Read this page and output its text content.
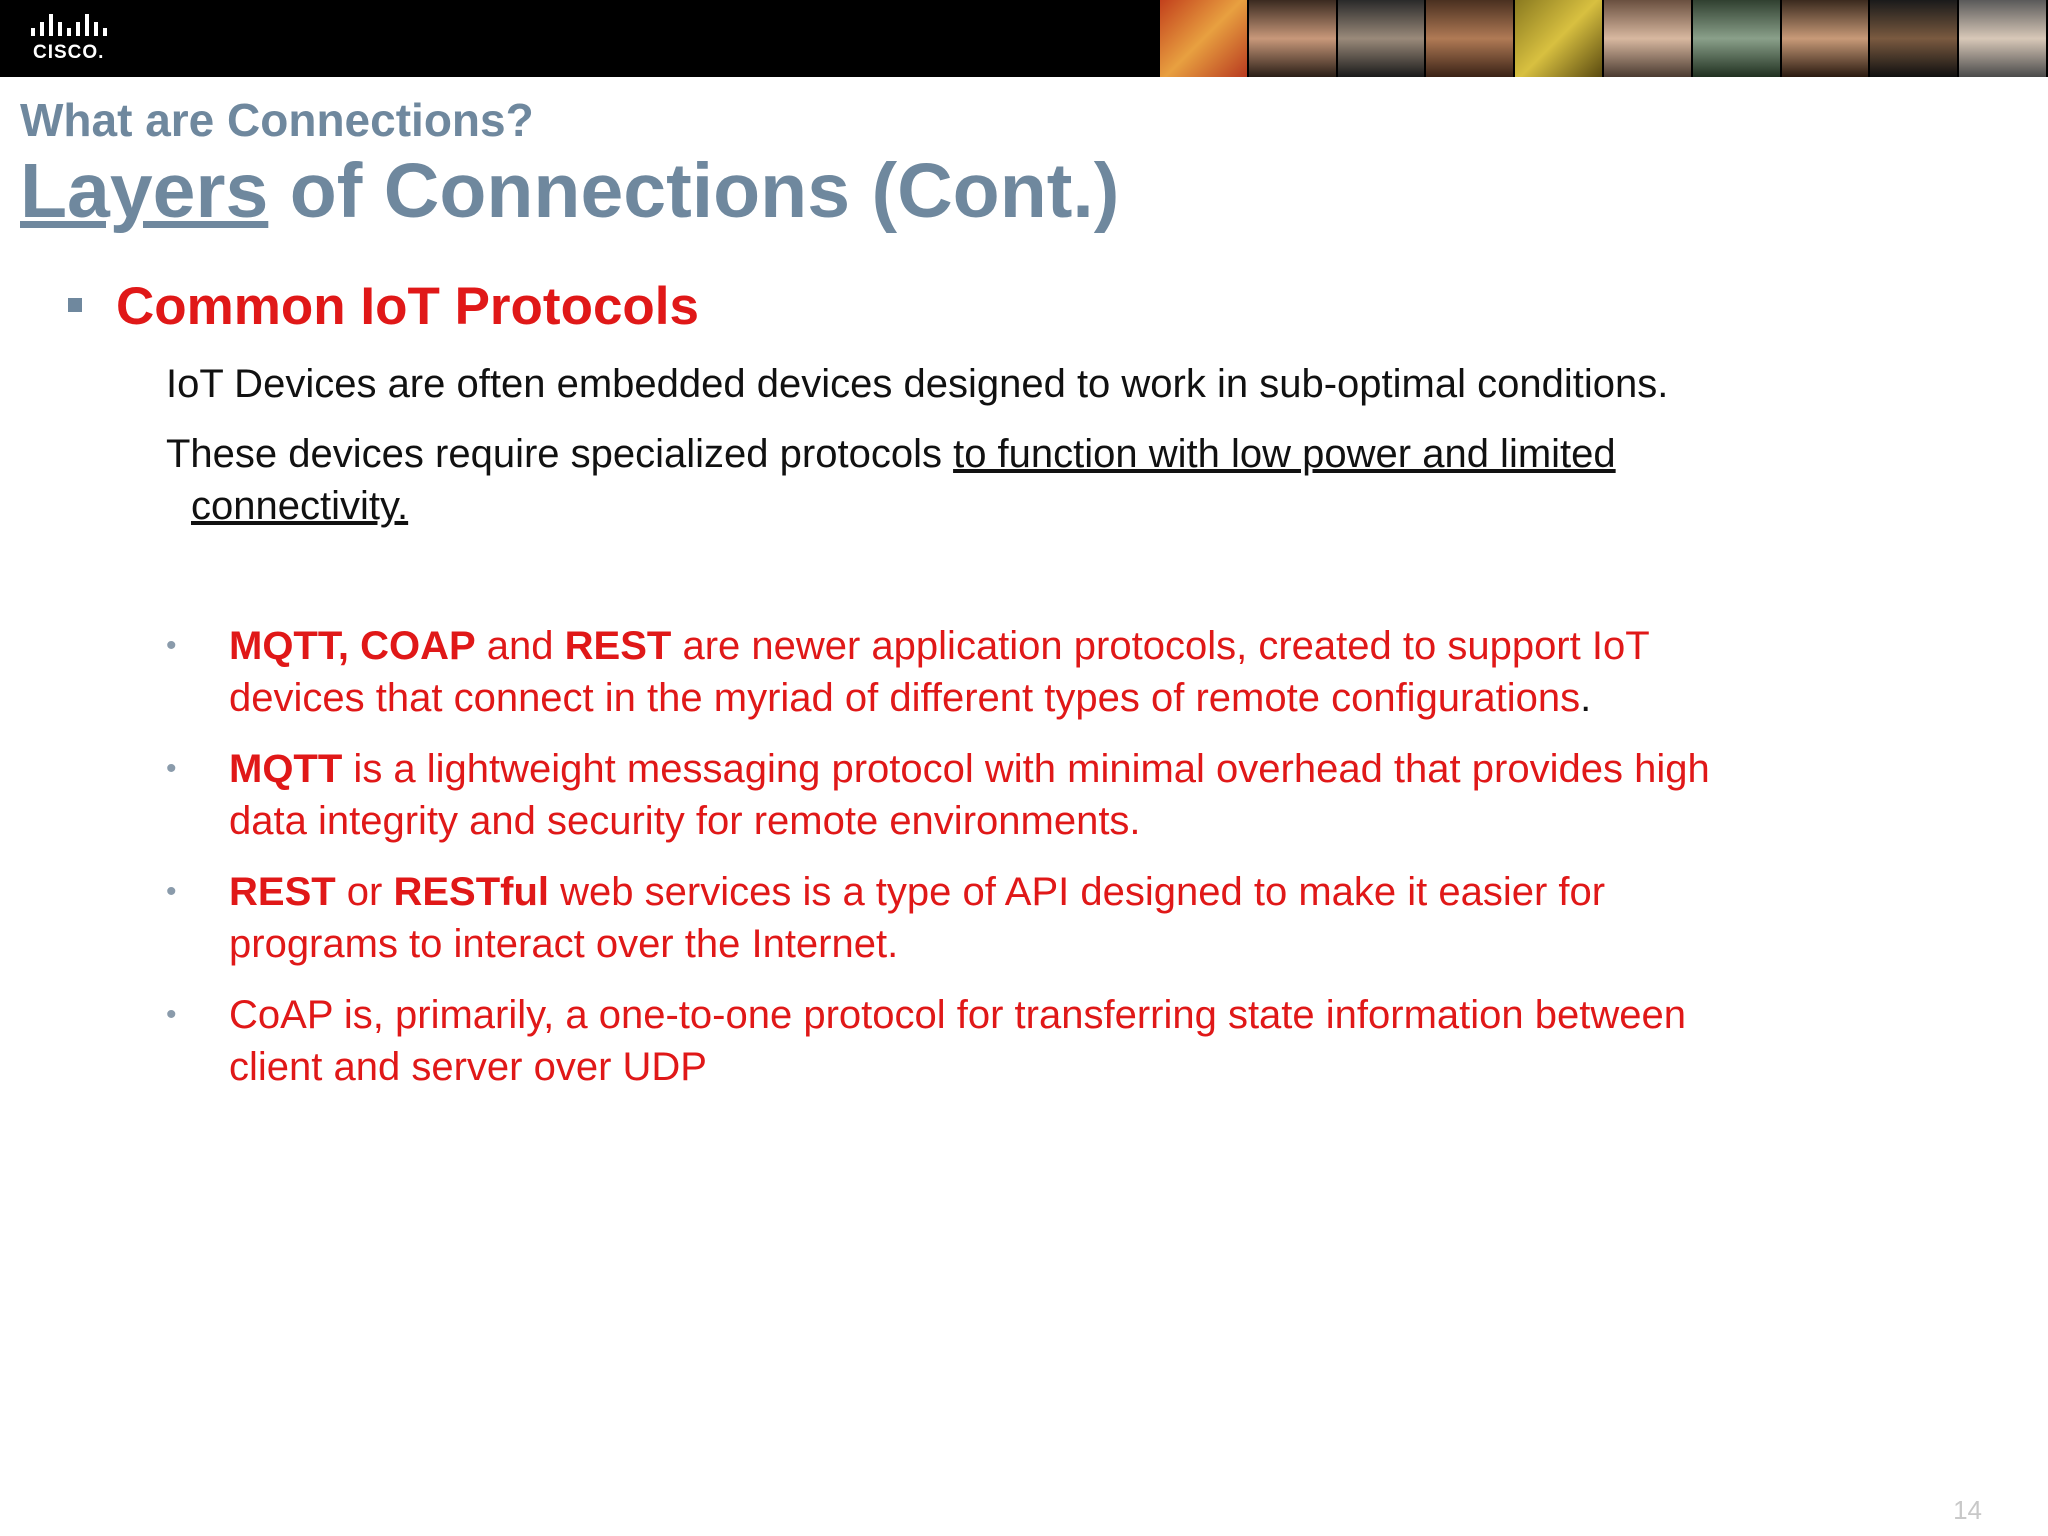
CISCO.
What are Connections?
Layers of Connections (Cont.)
Common IoT Protocols

IoT Devices are often embedded devices designed to work in sub-optimal conditions.

These devices require specialized protocols to function with low power and limited
connectivity.

• MQTT, COAP and REST are newer application protocols, created to support IoT
devices that connect in the myriad of different types of remote configurations.
• MQTT is a lightweight messaging protocol with minimal overhead that provides high
data integrity and security for remote environments.
• REST or RESTful web services is a type of API designed to make it easier for
programs to interact over the Internet.
• CoAP is, primarily, a one-to-one protocol for transferring state information between
client and server over UDP
14
